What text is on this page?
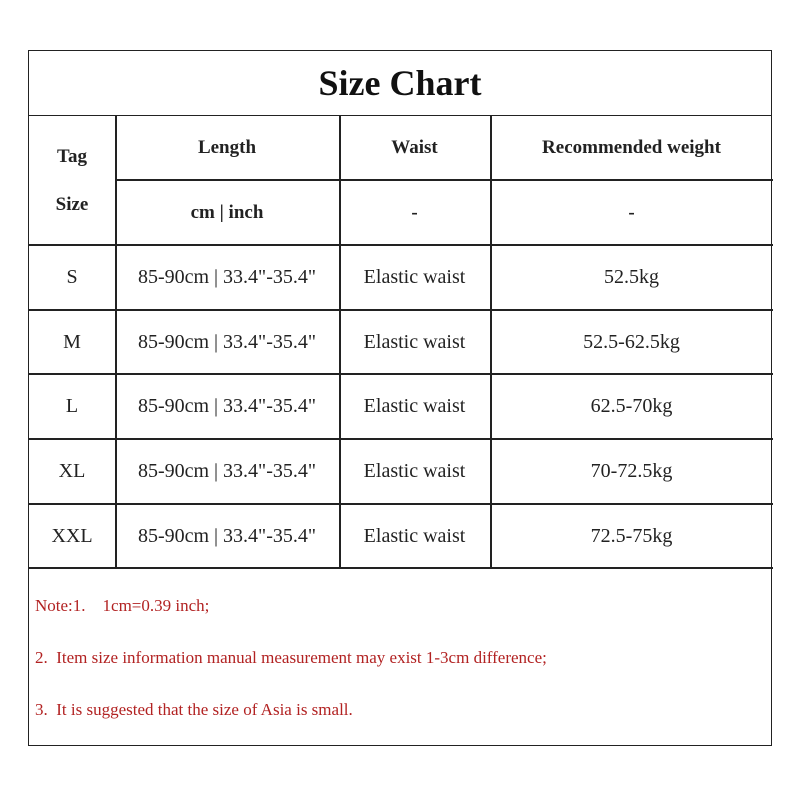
Size Chart
Tag
Size
Length	Waist	Recommended weight
cm | inch	-	-
S	85-90cm | 33.4"-35.4"	Elastic waist	52.5kg
M	85-90cm | 33.4"-35.4"	Elastic waist	52.5-62.5kg
L	85-90cm | 33.4"-35.4"	Elastic waist	62.5-70kg
XL	85-90cm | 33.4"-35.4"	Elastic waist	70-72.5kg
XXL	85-90cm | 33.4"-35.4"	Elastic waist	72.5-75kg
Note:1.    1cm=0.39 inch;
2.  Item size information manual measurement may exist 1-3cm difference;
3.  It is suggested that the size of Asia is small.
